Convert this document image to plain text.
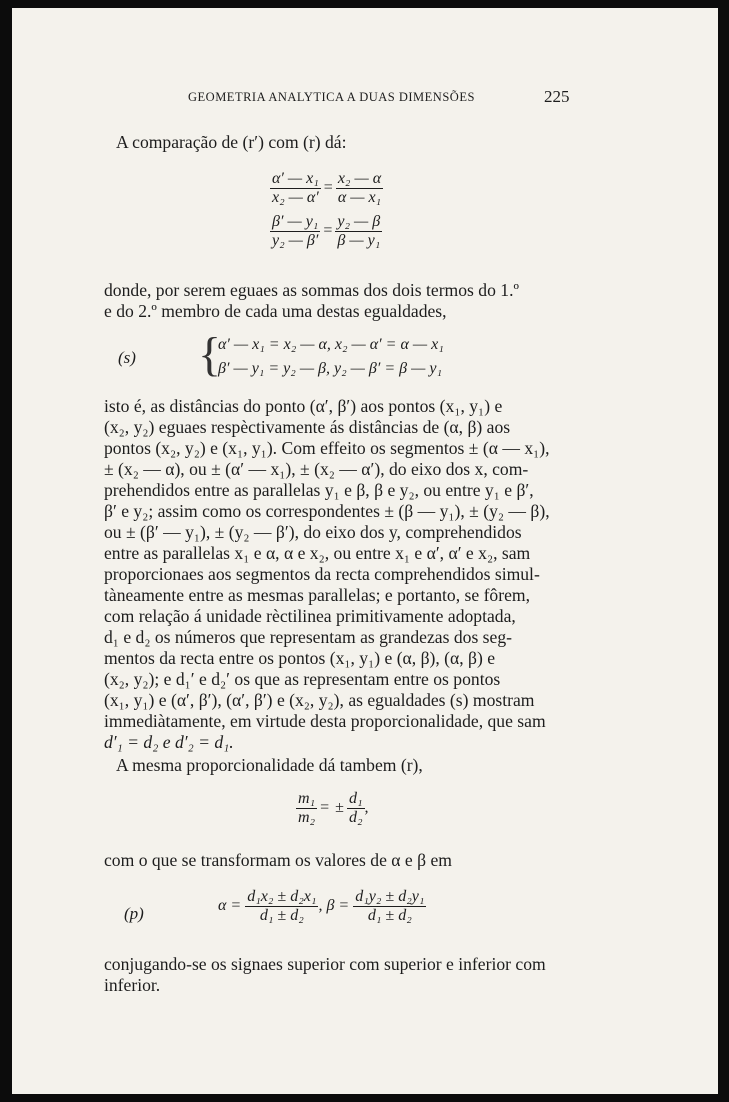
GEOMETRIA ANALYTICA A DUAS DIMENSÕES	225
A comparação de (r′) com (r) dá:
$\frac{\text{α′ — x₁}}{\text{x₂ — α′}} = \frac{\text{x₂ — α}}{\text{α — x₁}}$
$\frac{\text{β′ — y₁}}{\text{y₂ — β′}} = \frac{\text{y₂ — β}}{\text{β — y₁}}$
donde, por serem eguaes as sommas dos dois termos do 1.º
e do 2.º membro de cada uma destas egualdades,
(s) {
α′ — x₁ = x₂ — α, x₂ — α′ = α — x₁
β′ — y₁ = y₂ — β, y₂ — β′ = β — y₁
isto é, as distâncias do ponto (α′, β′) aos pontos (x₁, y₁) e
(x₂, y₂) eguaes respèctivamente ás distâncias de (α, β) aos
pontos (x₂, y₂) e (x₁, y₁). Com effeito os segmentos ± (α — x₁),
± (x₂ — α), ou ± (α′ — x₁), ± (x₂ — α′), do eixo dos x, com-
prehendidos entre as parallelas y₁ e β, β e y₂, ou entre y₁ e β′,
β′ e y₂; assim como os correspondentes ± (β — y₁), ± (y₂ — β),
ou ± (β′ — y₁), ± (y₂ — β′), do eixo dos y, comprehendidos
entre as parallelas x₁ e α, α e x₂, ou entre x₁ e α′, α′ e x₂, sam
proporcionaes aos segmentos da recta comprehendidos simul-
tàneamente entre as mesmas parallelas; e portanto, se fôrem,
com relação á unidade rèctilinea primitivamente adoptada,
d₁ e d₂ os números que representam as grandezas dos seg-
mentos da recta entre os pontos (x₁, y₁) e (α, β), (α, β) e
(x₂, y₂); e d₁′ e d₂′ os que as representam entre os pontos
(x₁, y₁) e (α′, β′), (α′, β′) e (x₂, y₂), as egualdades (s) mostram
immediàtamente, em virtude desta proporcionalidade, que sam
d′₁ = d₂ e d′₂ = d₁.
A mesma proporcionalidade dá tambem (r),
$\frac{\text{m₁}}{\text{m₂}}$ = ± $\frac{\text{d₁}}{\text{d₂}}$ ,
com o que se transformam os valores de α e β em
(p)	$\alpha = \frac{\text{d₁x₂ ± d₂x₁}}{\text{d₁ ± d₂}}$ , $\beta = \frac{\text{d₁y₂ ± d₂y₁}}{\text{d₁ ± d₂}}$
conjugando-se os signaes superior com superior e inferior com
inferior.
